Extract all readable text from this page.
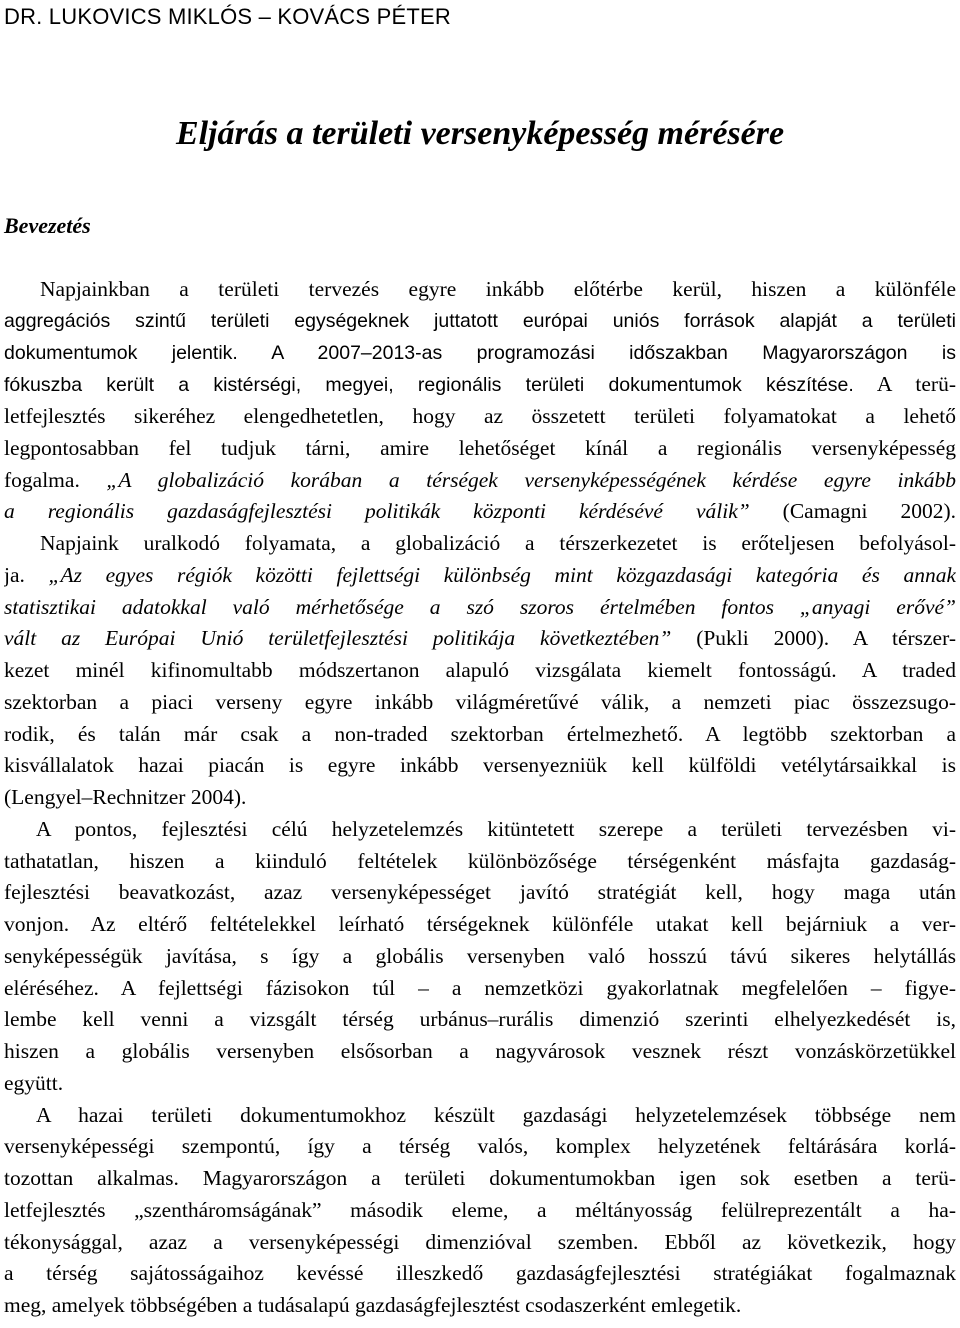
DR. LUKOVICS MIKLÓS – KOVÁCS PÉTER
Eljárás a területi versenyképesség mérésére
Bevezetés
Napjainkban a területi tervezés egyre inkább előtérbe kerül, hiszen a különféle
aggregációs szintű területi egységeknek juttatott európai uniós források alapját a területi
dokumentumok jelentik. A 2007–2013-as programozási időszakban Magyarországon is
fókuszba került a kistérségi, megyei, regionális területi dokumentumok készítése. A terü-
letfejlesztés sikeréhez elengedhetetlen, hogy az összetett területi folyamatokat a lehető
legpontosabban fel tudjuk tárni, amire lehetőséget kínál a regionális versenyképesség
fogalma. „A globalizáció korában a térségek versenyképességének kérdése egyre inkább
a regionális gazdaságfejlesztési politikák központi kérdésévé válik” (Camagni 2002).
Napjaink uralkodó folyamata, a globalizáció a térszerkezetet is erőteljesen befolyásol-
ja. „Az egyes régiók közötti fejlettségi különbség mint közgazdasági kategória és annak
statisztikai adatokkal való mérhetősége a szó szoros értelmében fontos „anyagi erővé”
vált az Európai Unió területfejlesztési politikája következtében” (Pukli 2000). A térszer-
kezet minél kifinomultabb módszertanon alapuló vizsgálata kiemelt fontosságú. A traded
szektorban a piaci verseny egyre inkább világméretűvé válik, a nemzeti piac összezsugo-
rodik, és talán már csak a non-traded szektorban értelmezhető. A legtöbb szektorban a
kisvállalatok hazai piacán is egyre inkább versenyezniük kell külföldi vetélytársaikkal is
(Lengyel–Rechnitzer 2004).
A pontos, fejlesztési célú helyzetelemzés kitüntetett szerepe a területi tervezésben vi-
tathatatlan, hiszen a kiinduló feltételek különbözősége térségenként másfajta gazdaság-
fejlesztési beavatkozást, azaz versenyképességet javító stratégiát kell, hogy maga után
vonjon. Az eltérő feltételekkel leírható térségeknek különféle utakat kell bejárniuk a ver-
senyképességük javítása, s így a globális versenyben való hosszú távú sikeres helytállás
eléréséhez. A fejlettségi fázisokon túl – a nemzetközi gyakorlatnak megfelelően – figye-
lembe kell venni a vizsgált térség urbánus–rurális dimenzió szerinti elhelyezkedését is,
hiszen a globális versenyben elsősorban a nagyvárosok vesznek részt vonzáskörzetükkel
együtt.
A hazai területi dokumentumokhoz készült gazdasági helyzetelemzések többsége nem
versenyképességi szempontú, így a térség valós, komplex helyzetének feltárására korlá-
tozottan alkalmas. Magyarországon a területi dokumentumokban igen sok esetben a terü-
letfejlesztés „szentháromságának” második eleme, a méltányosság felülreprezentált a ha-
tékonysággal, azaz a versenyképességi dimenzióval szemben. Ebből az következik, hogy
a térség sajátosságaihoz kevéssé illeszkedő gazdaságfejlesztési stratégiákat fogalmaznak
meg, amelyek többségében a tudásalapú gazdaságfejlesztést csodaszerként emlegetik.
